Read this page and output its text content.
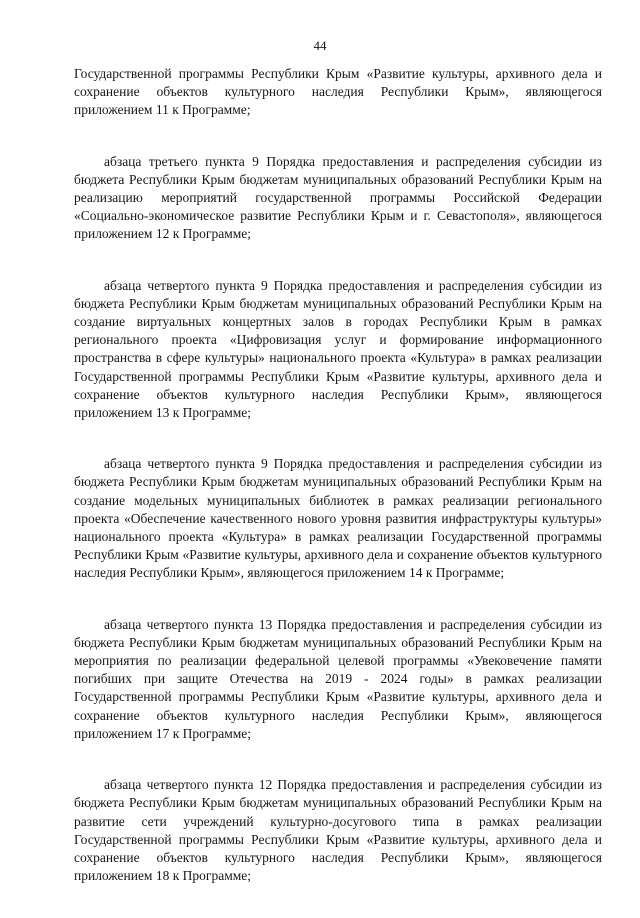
44

Государственной программы Республики Крым «Развитие культуры, архивного дела и сохранение объектов культурного наследия Республики Крым», являющегося приложением 11 к Программе;

абзаца третьего пункта 9 Порядка предоставления и распределения субсидии из бюджета Республики Крым бюджетам муниципальных образований Республики Крым на реализацию мероприятий государственной программы Российской Федерации «Социально-экономическое развитие Республики Крым и г. Севастополя», являющегося приложением 12 к Программе;

абзаца четвертого пункта 9 Порядка предоставления и распределения субсидии из бюджета Республики Крым бюджетам муниципальных образований Республики Крым на создание виртуальных концертных залов в городах Республики Крым в рамках регионального проекта «Цифровизация услуг и формирование информационного пространства в сфере культуры» национального проекта «Культура» в рамках реализации Государственной программы Республики Крым «Развитие культуры, архивного дела и сохранение объектов культурного наследия Республики Крым», являющегося приложением 13 к Программе;

абзаца четвертого пункта 9 Порядка предоставления и распределения субсидии из бюджета Республики Крым бюджетам муниципальных образований Республики Крым на создание модельных муниципальных библиотек в рамках реализации регионального проекта «Обеспечение качественного нового уровня развития инфраструктуры культуры» национального проекта «Культура» в рамках реализации Государственной программы Республики Крым «Развитие культуры, архивного дела и сохранение объектов культурного наследия Республики Крым», являющегося приложением 14 к Программе;

абзаца четвертого пункта 13 Порядка предоставления и распределения субсидии из бюджета Республики Крым бюджетам муниципальных образований Республики Крым на мероприятия по реализации федеральной целевой программы «Увековечение памяти погибших при защите Отечества на 2019 - 2024 годы» в рамках реализации Государственной программы Республики Крым «Развитие культуры, архивного дела и сохранение объектов культурного наследия Республики Крым», являющегося приложением 17 к Программе;

абзаца четвертого пункта 12 Порядка предоставления и распределения субсидии из бюджета Республики Крым бюджетам муниципальных образований Республики Крым на развитие сети учреждений культурно-досугового типа в рамках реализации Государственной программы Республики Крым «Развитие культуры, архивного дела и сохранение объектов культурного наследия Республики Крым», являющегося приложением 18 к Программе;
